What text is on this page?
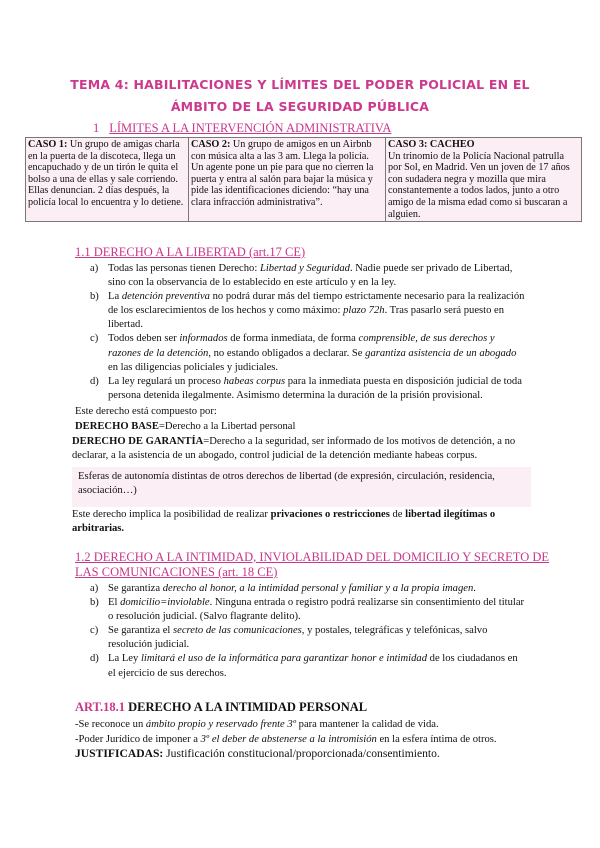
TEMA 4: HABILITACIONES Y LÍMITES DEL PODER POLICIAL EN EL
ÁMBITO DE LA SEGURIDAD PÚBLICA
1 LÍMITES A LA INTERVENCIÓN ADMINISTRATIVA
CASO 1: Un grupo de amigas charla en la puerta de la discoteca, llega un encapuchado y de un tirón le quita el bolso a una de ellas y sale corriendo. Ellas denuncian. 2 días después, la policía local lo encuentra y lo detiene.	CASO 2: Un grupo de amigos en un Airbnb con música alta a las 3 am. Llega la policía. Un agente pone un pie para que no cierren la puerta y entra al salón para bajar la música y pide las identificaciones diciendo: “hay una clara infracción administrativa”.	CASO 3: CACHEO
Un trinomio de la Policía Nacional patrulla por Sol, en Madrid. Ven un joven de 17 años con sudadera negra y mozilla que mira constantemente a todos lados, junto a otro amigo de la misma edad como si buscaran a alguien.
1.1 DERECHO A LA LIBERTAD (art.17 CE)
a) Todas las personas tienen Derecho: Libertad y Seguridad. Nadie puede ser privado de Libertad, sino con la observancia de lo establecido en este artículo y en la ley.
b) La detención preventiva no podrá durar más del tiempo estrictamente necesario para la realización de los esclarecimientos de los hechos y como máximo: plazo 72h. Tras pasarlo será puesto en libertad.
c) Todos deben ser informados de forma inmediata, de forma comprensible, de sus derechos y razones de la detención, no estando obligados a declarar. Se garantiza asistencia de un abogado en las diligencias policiales y judiciales.
d) La ley regulará un proceso habeas corpus para la inmediata puesta en disposición judicial de toda persona detenida ilegalmente. Asimismo determina la duración de la prisión provisional.
Este derecho está compuesto por:
DERECHO BASE=Derecho a la Libertad personal
DERECHO DE GARANTÍA=Derecho a la seguridad, ser informado de los motivos de detención, a no declarar, a la asistencia de un abogado, control judicial de la detención mediante habeas corpus.
Esferas de autonomía distintas de otros derechos de libertad (de expresión, circulación, residencia, asociación…)
Este derecho implica la posibilidad de realizar privaciones o restricciones de libertad ilegítimas o arbitrarias.
1.2 DERECHO A LA INTIMIDAD, INVIOLABILIDAD DEL DOMICILIO Y SECRETO DE LAS COMUNICACIONES (art. 18 CE)
a) Se garantiza derecho al honor, a la intimidad personal y familiar y a la propia imagen.
b) El domicilio=inviolable. Ninguna entrada o registro podrá realizarse sin consentimiento del titular o resolución judicial. (Salvo flagrante delito).
c) Se garantiza el secreto de las comunicaciones, y postales, telegráficas y telefónicas, salvo resolución judicial.
d) La Ley limitará el uso de la informática para garantizar honor e intimidad de los ciudadanos en el ejercicio de sus derechos.
ART.18.1 DERECHO A LA INTIMIDAD PERSONAL
-Se reconoce un ámbito propio y reservado frente 3º para mantener la calidad de vida.
-Poder Jurídico de imponer a 3º el deber de abstenerse a la intromisión en la esfera íntima de otros.
JUSTIFICADAS: Justificación constitucional/proporcionada/consentimiento.
